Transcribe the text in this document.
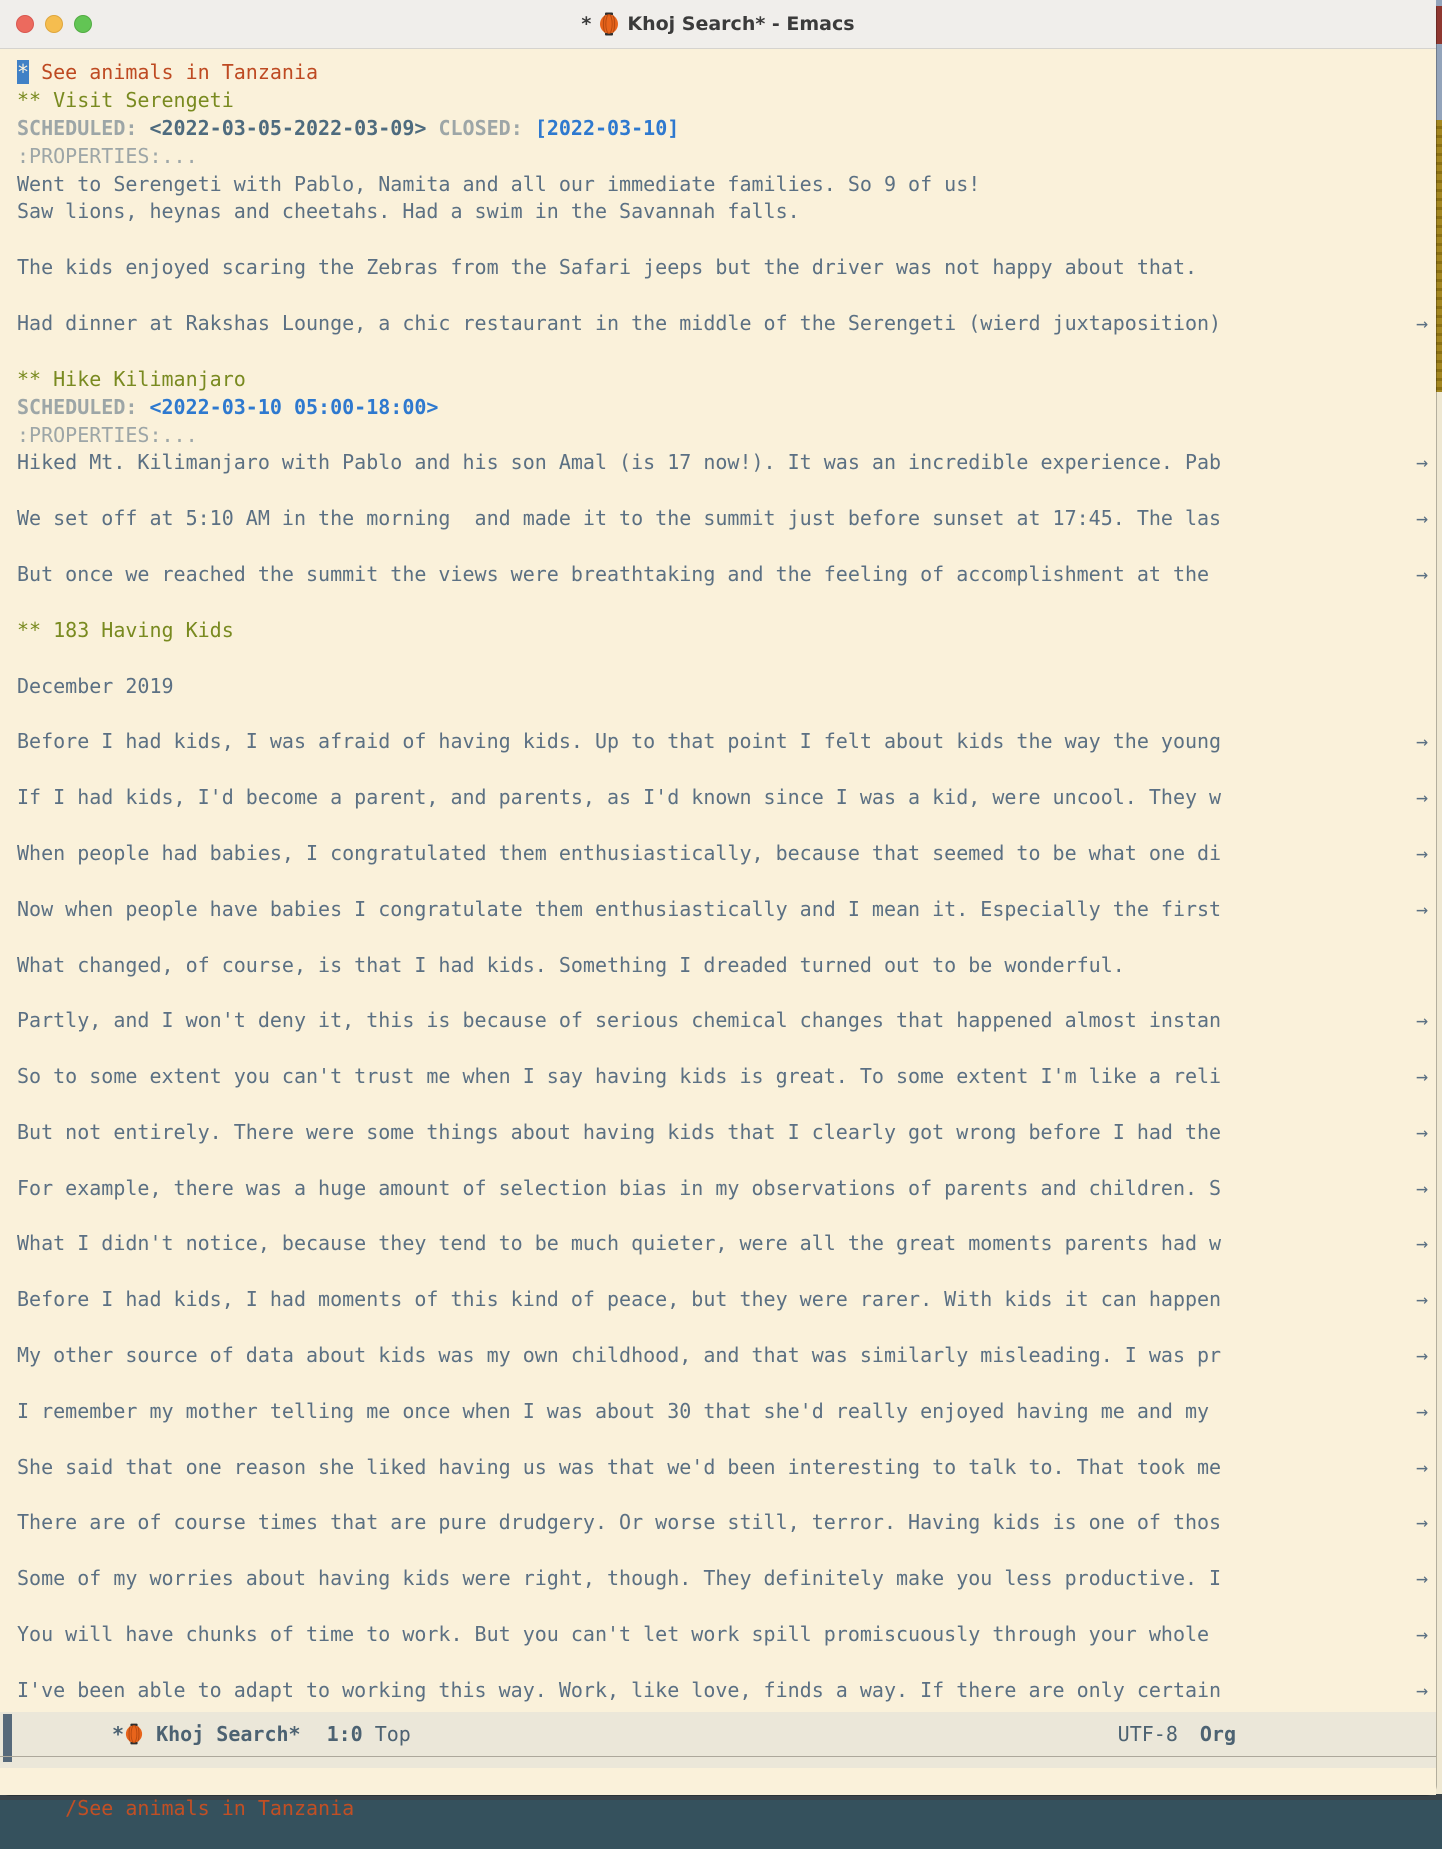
* Khoj Search* - Emacs
* See animals in Tanzania
** Visit Serengeti
SCHEDULED: <2022-03-05-2022-03-09> CLOSED: [2022-03-10]
:PROPERTIES:...
Went to Serengeti with Pablo, Namita and all our immediate families. So 9 of us!
Saw lions, heynas and cheetahs. Had a swim in the Savannah falls.
The kids enjoyed scaring the Zebras from the Safari jeeps but the driver was not happy about that.
Had dinner at Rakshas Lounge, a chic restaurant in the middle of the Serengeti (wierd juxtaposition)	→
** Hike Kilimanjaro
SCHEDULED: <2022-03-10 05:00-18:00>
:PROPERTIES:...
Hiked Mt. Kilimanjaro with Pablo and his son Amal (is 17 now!). It was an incredible experience. Pab	→
We set off at 5:10 AM in the morning  and made it to the summit just before sunset at 17:45. The las	→
But once we reached the summit the views were breathtaking and the feeling of accomplishment at the	→
** 183 Having Kids
December 2019
Before I had kids, I was afraid of having kids. Up to that point I felt about kids the way the young	→
If I had kids, I'd become a parent, and parents, as I'd known since I was a kid, were uncool. They w	→
When people had babies, I congratulated them enthusiastically, because that seemed to be what one di	→
Now when people have babies I congratulate them enthusiastically and I mean it. Especially the first	→
What changed, of course, is that I had kids. Something I dreaded turned out to be wonderful.
Partly, and I won't deny it, this is because of serious chemical changes that happened almost instan	→
So to some extent you can't trust me when I say having kids is great. To some extent I'm like a reli	→
But not entirely. There were some things about having kids that I clearly got wrong before I had the	→
For example, there was a huge amount of selection bias in my observations of parents and children. S	→
What I didn't notice, because they tend to be much quieter, were all the great moments parents had w	→
Before I had kids, I had moments of this kind of peace, but they were rarer. With kids it can happen	→
My other source of data about kids was my own childhood, and that was similarly misleading. I was pr	→
I remember my mother telling me once when I was about 30 that she'd really enjoyed having me and my	→
She said that one reason she liked having us was that we'd been interesting to talk to. That took me	→
There are of course times that are pure drudgery. Or worse still, terror. Having kids is one of thos	→
Some of my worries about having kids were right, though. They definitely make you less productive. I	→
You will have chunks of time to work. But you can't let work spill promiscuously through your whole	→
I've been able to adapt to working this way. Work, like love, finds a way. If there are only certain	→
* Khoj Search* 1:0 Top	UTF-8 Org

/See animals in Tanzania
